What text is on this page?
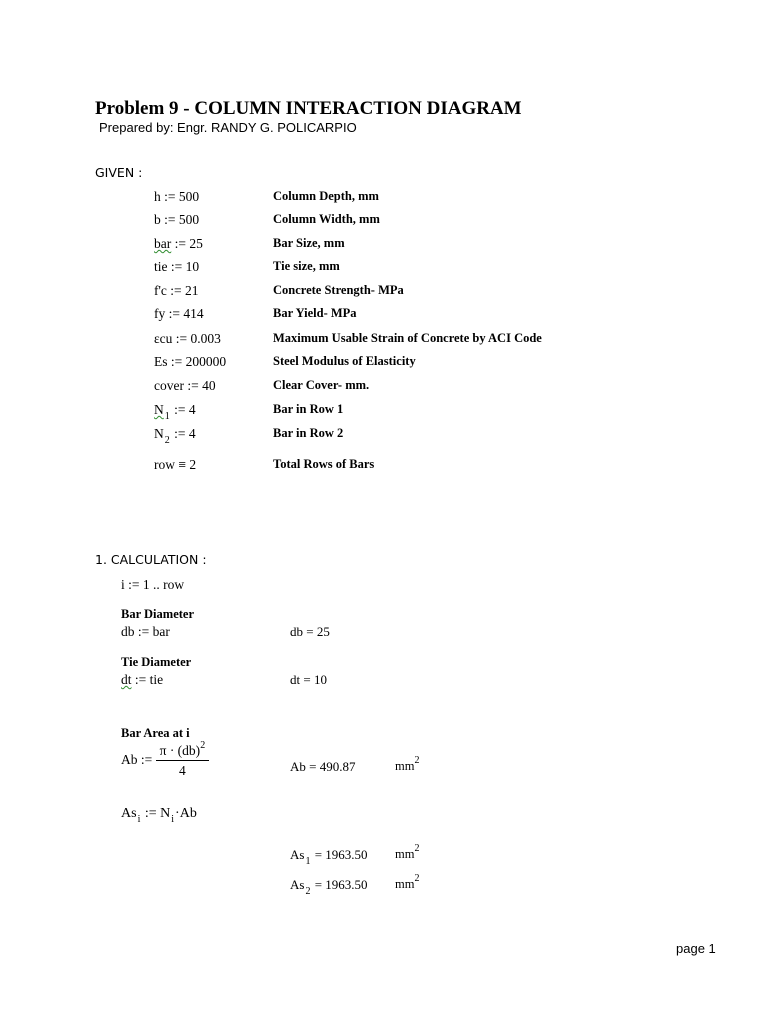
Problem 9 - COLUMN INTERACTION DIAGRAM
Prepared by: Engr. RANDY G. POLICARPIO
GIVEN :
h := 500	Column Depth, mm
b := 500	Column Width, mm
bar := 25	Bar Size, mm
tie := 10	Tie size, mm
f'c := 21	Concrete Strength- MPa
fy := 414	Bar Yield- MPa
εcu := 0.003	Maximum Usable Strain of Concrete by ACI Code
Es := 200000	Steel Modulus of Elasticity
cover := 40	Clear Cover- mm.
$N_1$ := 4	Bar in Row 1
$N_2$ := 4	Bar in Row 2
row ≡ 2	Total Rows of Bars
1. CALCULATION :
i := 1 .. row
Bar Diameter
db := bar	db = 25
Tie Diameter
dt := tie	dt = 10
Bar Area at i
Ab := $\frac{\pi \cdot (db)^2}{4}$	Ab = 490.87	$mm^2$
$As_i$ := $N_i\cdot Ab$
$As_1 = 1963.50$ $mm^2$
$As_2 = 1963.50$ $mm^2$
page 1
